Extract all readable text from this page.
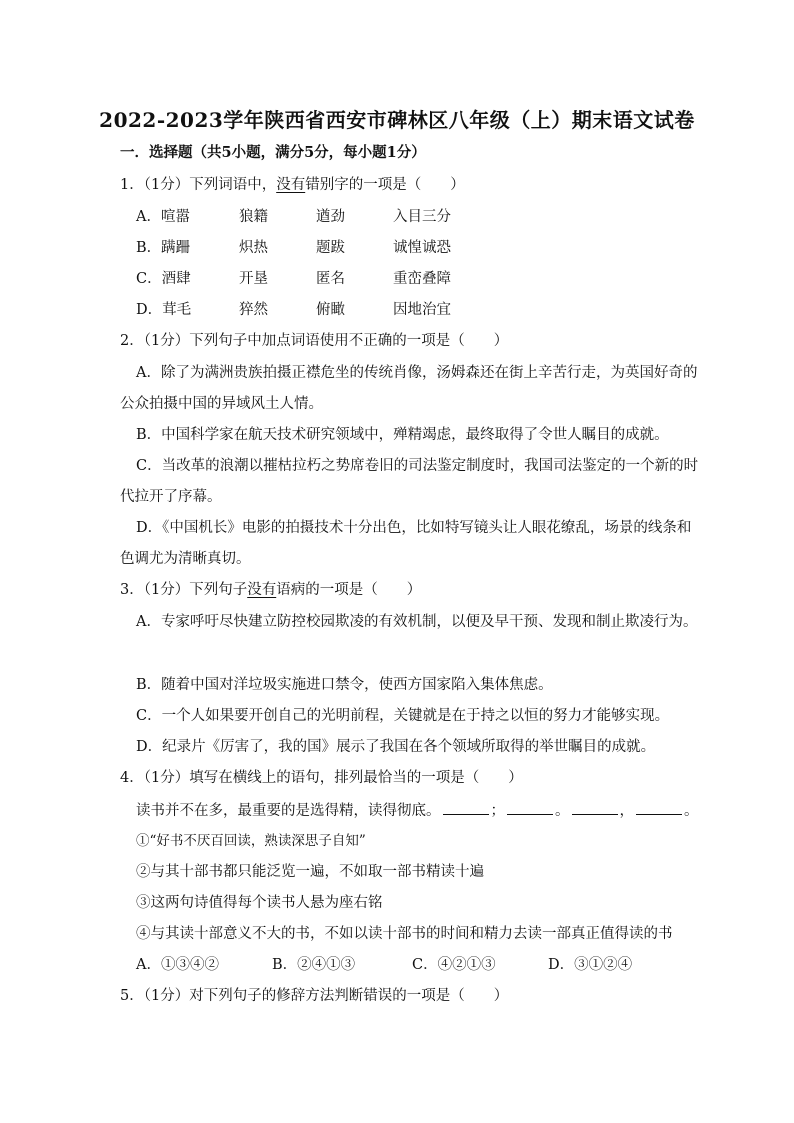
2022-2023学年陕西省西安市碑林区八年级（上）期末语文试卷
一．选择题（共5小题，满分5分，每小题1分）
1．（1分）下列词语中，没有错别字的一项是（　　）
A．喧嚣	狼籍	遒劲	入目三分
B．蹒跚	炽热	题跋	诚惶诚恐
C．酒肆	开垦	匿名	重峦叠障
D．茸毛	猝然	俯瞰	因地治宜
2．（1分）下列句子中加点词语使用不正确的一项是（　　）
A．除了为满洲贵族拍摄正襟危坐的传统肖像，汤姆森还在街上辛苦行走，为英国好奇的
公众拍摄中国的异域风土人情。
B．中国科学家在航天技术研究领域中，殚精竭虑，最终取得了令世人瞩目的成就。
C．当改革的浪潮以摧枯拉朽之势席卷旧的司法鉴定制度时，我国司法鉴定的一个新的时
代拉开了序幕。
D．《中国机长》电影的拍摄技术十分出色，比如特写镜头让人眼花缭乱，场景的线条和
色调尤为清晰真切。
3．（1分）下列句子没有语病的一项是（　　）
A．专家呼吁尽快建立防控校园欺凌的有效机制，以便及早干预、发现和制止欺凌行为。
B．随着中国对洋垃圾实施进口禁令，使西方国家陷入集体焦虑。
C．一个人如果要开创自己的光明前程，关键就是在于持之以恒的努力才能够实现。
D．纪录片《厉害了，我的国》展示了我国在各个领域所取得的举世瞩目的成就。
4．（1分）填写在横线上的语句，排列最恰当的一项是（　　）
读书并不在多，最重要的是选得精，读得彻底。	；	。	，	。
①“好书不厌百回读，熟读深思子自知”
②与其十部书都只能泛览一遍，不如取一部书精读十遍
③这两句诗值得每个读书人悬为座右铭
④与其读十部意义不大的书，不如以读十部书的时间和精力去读一部真正值得读的书
A．①③④②	B．②④①③	C．④②①③	D．③①②④
5．（1分）对下列句子的修辞方法判断错误的一项是（　　）
